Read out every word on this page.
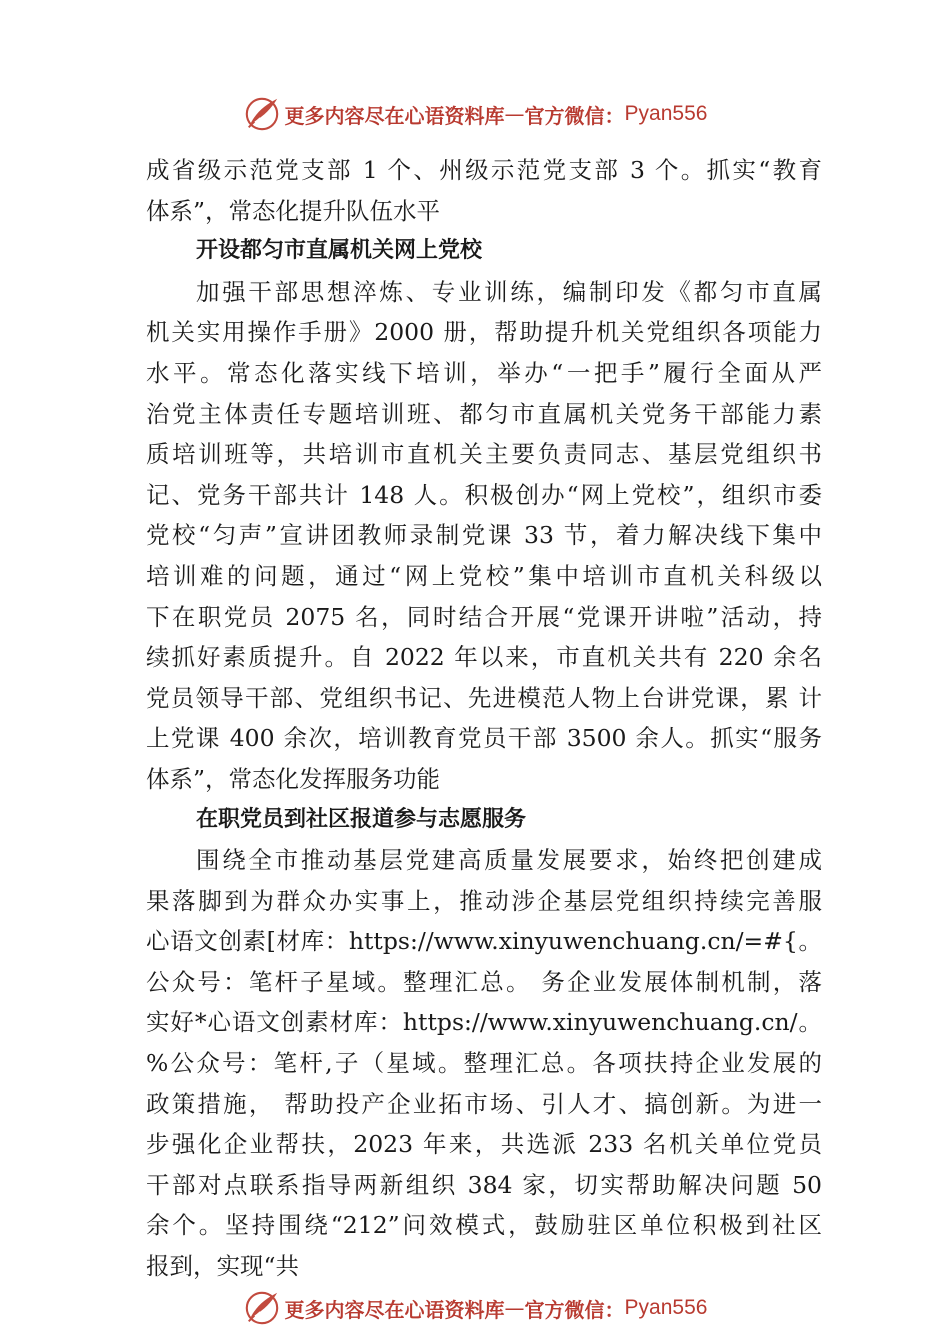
更多内容尽在心语资料库 — 官方微信： Pyan556
成省级示范党支部 1 个、州级示范党支部 3 个。抓实“教育
体系”，常态化提升队伍水平
开设都匀市直属机关网上党校
加强干部思想淬炼、专业训练，编制印发《都匀市直属
机关实用操作手册》2000 册，帮助提升机关党组织各项能力
水平。常态化落实线下培训，举办“一把手”履行全面从严
治党主体责任专题培训班、都匀市直属机关党务干部能力素
质培训班等，共培训市直机关主要负责同志、基层党组织书
记、党务干部共计 148 人。积极创办“网上党校”，组织市委
党校“匀声”宣讲团教师录制党课 33 节，着力解决线下集中
培训难的问题，通过“网上党校”集中培训市直机关科级以
下在职党员 2075 名，同时结合开展“党课开讲啦”活动，持
续抓好素质提升。自 2022 年以来，市直机关共有 220 余名
党员领导干部、党组织书记、先进模范人物上台讲党课，累 计
上党课 400 余次，培训教育党员干部 3500 余人。抓实“服务
体系”，常态化发挥服务功能
在职党员到社区报道参与志愿服务
围绕全市推动基层党建高质量发展要求，始终把创建成
果落脚到为群众办实事上，推动涉企基层党组织持续完善服
心语文创素[材库：https://www.xinyuwenchuang.cn/=#{。
公众号：笔杆子星域。整理汇总。 务企业发展体制机制，落
实好*心语文创素材库：https://www.xinyuwenchuang.cn/。
%公众号：笔杆,子（星域。整理汇总。各项扶持企业发展的
政策措施， 帮助投产企业拓市场、引人才、搞创新。为进一
步强化企业帮扶，2023 年来，共选派 233 名机关单位党员
干部对点联系指导两新组织 384 家，切实帮助解决问题 50
余个。坚持围绕“212”问效模式，鼓励驻区单位积极到社区
报到，实现“共
更多内容尽在心语资料库 — 官方微信： Pyan556
